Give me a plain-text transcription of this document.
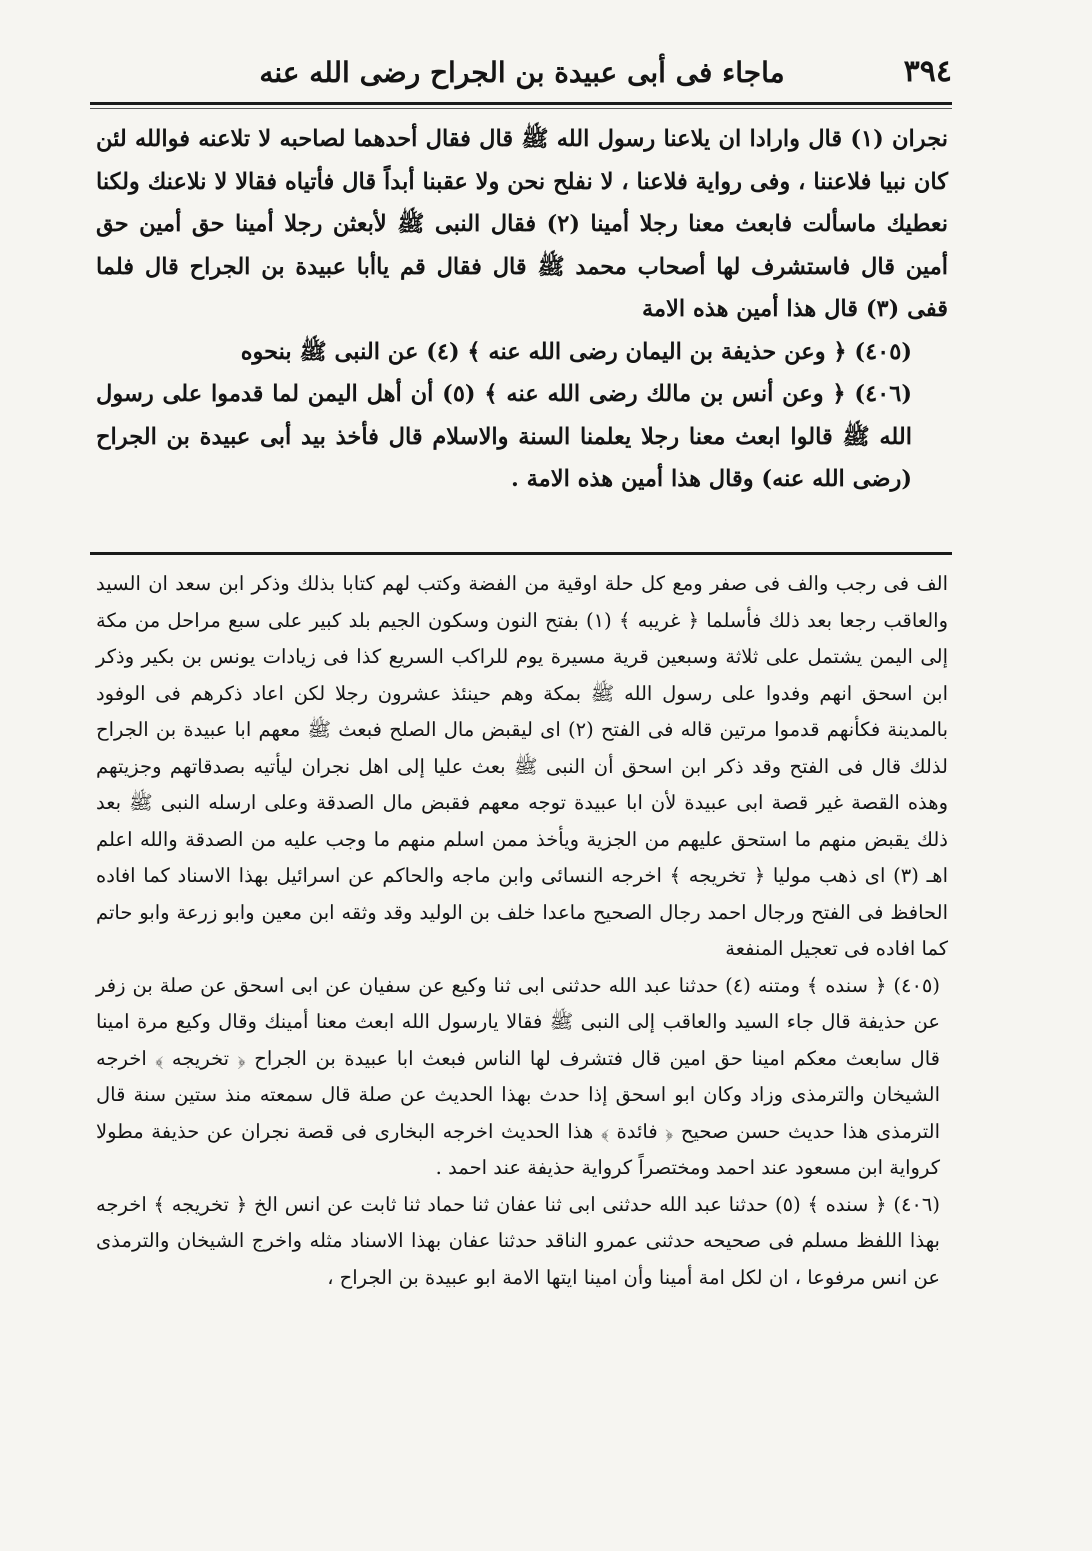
٣٩٤
ماجاء فى أبى عبيدة بن الجراح رضى الله عنه

نجران (١) قال وارادا ان يلاعنا رسول الله ﷺ قال فقال أحدهما لصاحبه لا تلاعنه فوالله لئن كان نبيا فلاعننا ، وفى رواية فلاعنا ، لا نفلح نحن ولا عقبنا أبداً قال فأتياه فقالا لا نلاعنك ولكنا نعطيك ماسألت فابعث معنا رجلا أمينا (٢) فقال النبى ﷺ لأبعثن رجلا أمينا حق أمين حق أمين قال فاستشرف لها أصحاب محمد ﷺ قال فقال قم ياأبا عبيدة بن الجراح قال فلما قفى (٣) قال هذا أمين هذه الامة

(٤٠٥) ﴿ وعن حذيفة بن اليمان رضى الله عنه ﴾ (٤) عن النبى ﷺ بنحوه

(٤٠٦) ﴿ وعن أنس بن مالك رضى الله عنه ﴾ (٥) أن أهل اليمن لما قدموا على رسول الله ﷺ قالوا ابعث معنا رجلا يعلمنا السنة والاسلام قال فأخذ بيد أبى عبيدة بن الجراح (رضى الله عنه) وقال هذا أمين هذه الامة .

الف فى رجب والف فى صفر ومع كل حلة اوقية من الفضة وكتب لهم كتابا بذلك وذكر ابن سعد ان السيد والعاقب رجعا بعد ذلك فأسلما ﴿ غريبه ﴾ (١) بفتح النون وسكون الجيم بلد كبير على سبع مراحل من مكة إلى اليمن يشتمل على ثلاثة وسبعين قرية مسيرة يوم للراكب السريع كذا فى زيادات يونس بن بكير وذكر ابن اسحق انهم وفدوا على رسول الله ﷺ بمكة وهم حينئذ عشرون رجلا لكن اعاد ذكرهم فى الوفود بالمدينة فكأنهم قدموا مرتين قاله فى الفتح (٢) اى ليقبض مال الصلح فبعث ﷺ معهم ابا عبيدة بن الجراح لذلك قال فى الفتح وقد ذكر ابن اسحق أن النبى ﷺ بعث عليا إلى اهل نجران ليأتيه بصدقاتهم وجزيتهم وهذه القصة غير قصة ابى عبيدة لأن ابا عبيدة توجه معهم فقبض مال الصدقة وعلى ارسله النبى ﷺ بعد ذلك يقبض منهم ما استحق عليهم من الجزية ويأخذ ممن اسلم منهم ما وجب عليه من الصدقة والله اعلم اهـ (٣) اى ذهب موليا ﴿ تخريجه ﴾ اخرجه النسائى وابن ماجه والحاكم عن اسرائيل بهذا الاسناد كما افاده الحافظ فى الفتح ورجال احمد رجال الصحيح ماعدا خلف بن الوليد وقد وثقه ابن معين وابو زرعة وابو حاتم كما افاده فى تعجيل المنفعة

(٤٠٥) ﴿ سنده ﴾ ومتنه (٤) حدثنا عبد الله حدثنى ابى ثنا وكيع عن سفيان عن ابى اسحق عن صلة بن زفر عن حذيفة قال جاء السيد والعاقب إلى النبى ﷺ فقالا يارسول الله ابعث معنا أمينك وقال وكيع مرة امينا قال سابعث معكم امينا حق امين قال فتشرف لها الناس فبعث ابا عبيدة بن الجراح ﴿ تخريجه ﴾ اخرجه الشيخان والترمذى وزاد وكان ابو اسحق إذا حدث بهذا الحديث عن صلة قال سمعته منذ ستين سنة قال الترمذى هذا حديث حسن صحيح ﴿ فائدة ﴾ هذا الحديث اخرجه البخارى فى قصة نجران عن حذيفة مطولا كرواية ابن مسعود عند احمد ومختصراً كرواية حذيفة عند احمد .

(٤٠٦) ﴿ سنده ﴾ (٥) حدثنا عبد الله حدثنى ابى ثنا عفان ثنا حماد ثنا ثابت عن انس الخ ﴿ تخريجه ﴾ اخرجه بهذا اللفظ مسلم فى صحيحه حدثنى عمرو الناقد حدثنا عفان بهذا الاسناد مثله واخرج الشيخان والترمذى عن انس مرفوعا ، ان لكل امة أمينا وأن امينا ايتها الامة ابو عبيدة بن الجراح ،
